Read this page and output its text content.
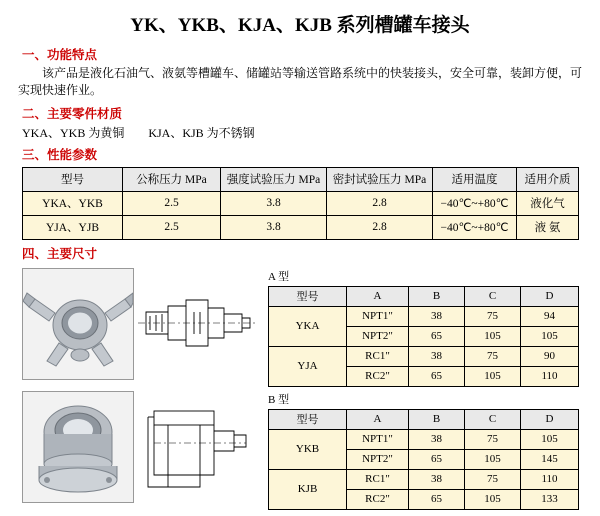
YK、YKB、KJA、KJB 系列槽罐车接头
一、功能特点
该产品是液化石油气、液氨等槽罐车、储罐站等输送管路系统中的快装接头，安全可靠，装卸方便，可实现快速作业。
二、主要零件材质
YKA、YKB 为黄铜 KJA、KJB 为不锈钢
三、性能参数
型号	公称压力 MPa	强度试验压力 MPa	密封试验压力 MPa	适用温度	适用介质
YKA、YKB	2.5	3.8	2.8	−40℃~+80℃	液化气
YJA、YJB	2.5	3.8	2.8	−40℃~+80℃	液 氨
四、主要尺寸
A 型
型号	A	B	C	D
YKA	NPT1"	38	75	94
	NPT2"	65	105	105
YJA	RC1"	38	75	90
	RC2"	65	105	110
B 型
型号	A	B	C	D
YKB	NPT1"	38	75	105
	NPT2"	65	105	145
KJB	RC1"	38	75	110
	RC2"	65	105	133
